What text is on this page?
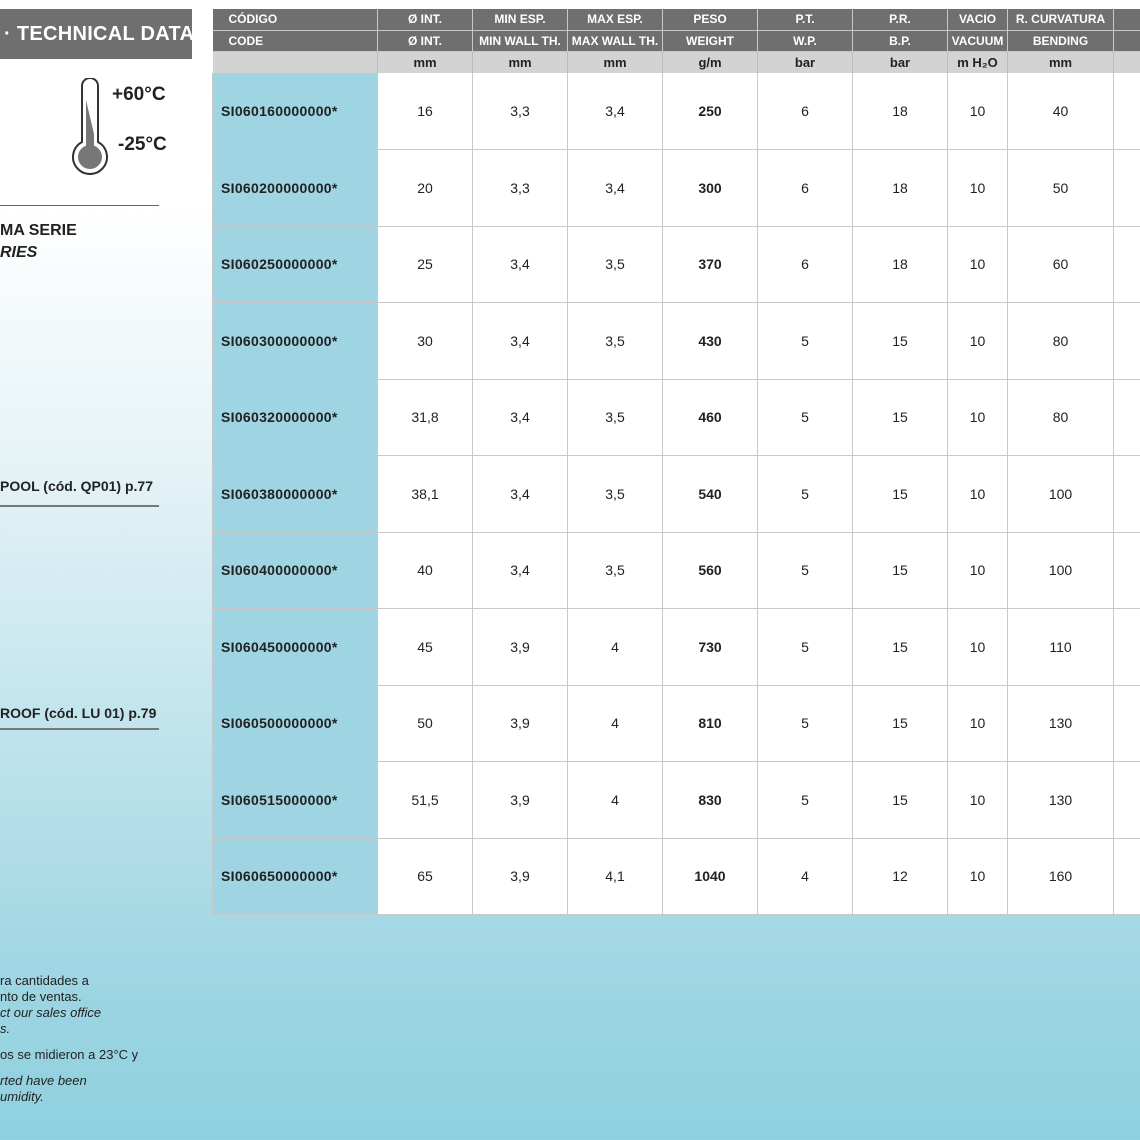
· TECHNICAL DATA
+60°C
-25°C
MA SERIE
RIES
POOL (cód. QP01) p.77
ROOF (cód. LU 01) p.79

ra cantidades a

nto de ventas.

ct our sales office

s.

os se midieron a 23°C y

rted have been

umidity.

CÓDIGO	Ø INT.	MIN ESP.	MAX ESP.	PESO	P.T.	P.R.	VACIO	R. CURVATURA	
CODE	Ø INT.	MIN WALL TH.	MAX WALL TH.	WEIGHT	W.P.	B.P.	VACUUM	BENDING	
	mm	mm	mm	g/m	bar	bar	m H₂O	mm	
SI060160000000*	16	3,3	3,4	250	6	18	10	40	
SI060200000000*	20	3,3	3,4	300	6	18	10	50	
SI060250000000*	25	3,4	3,5	370	6	18	10	60	
SI060300000000*	30	3,4	3,5	430	5	15	10	80	
SI060320000000*	31,8	3,4	3,5	460	5	15	10	80	
SI060380000000*	38,1	3,4	3,5	540	5	15	10	100	
SI060400000000*	40	3,4	3,5	560	5	15	10	100	
SI060450000000*	45	3,9	4	730	5	15	10	110	
SI060500000000*	50	3,9	4	810	5	15	10	130	
SI060515000000*	51,5	3,9	4	830	5	15	10	130	
SI060650000000*	65	3,9	4,1	1040	4	12	10	160	
